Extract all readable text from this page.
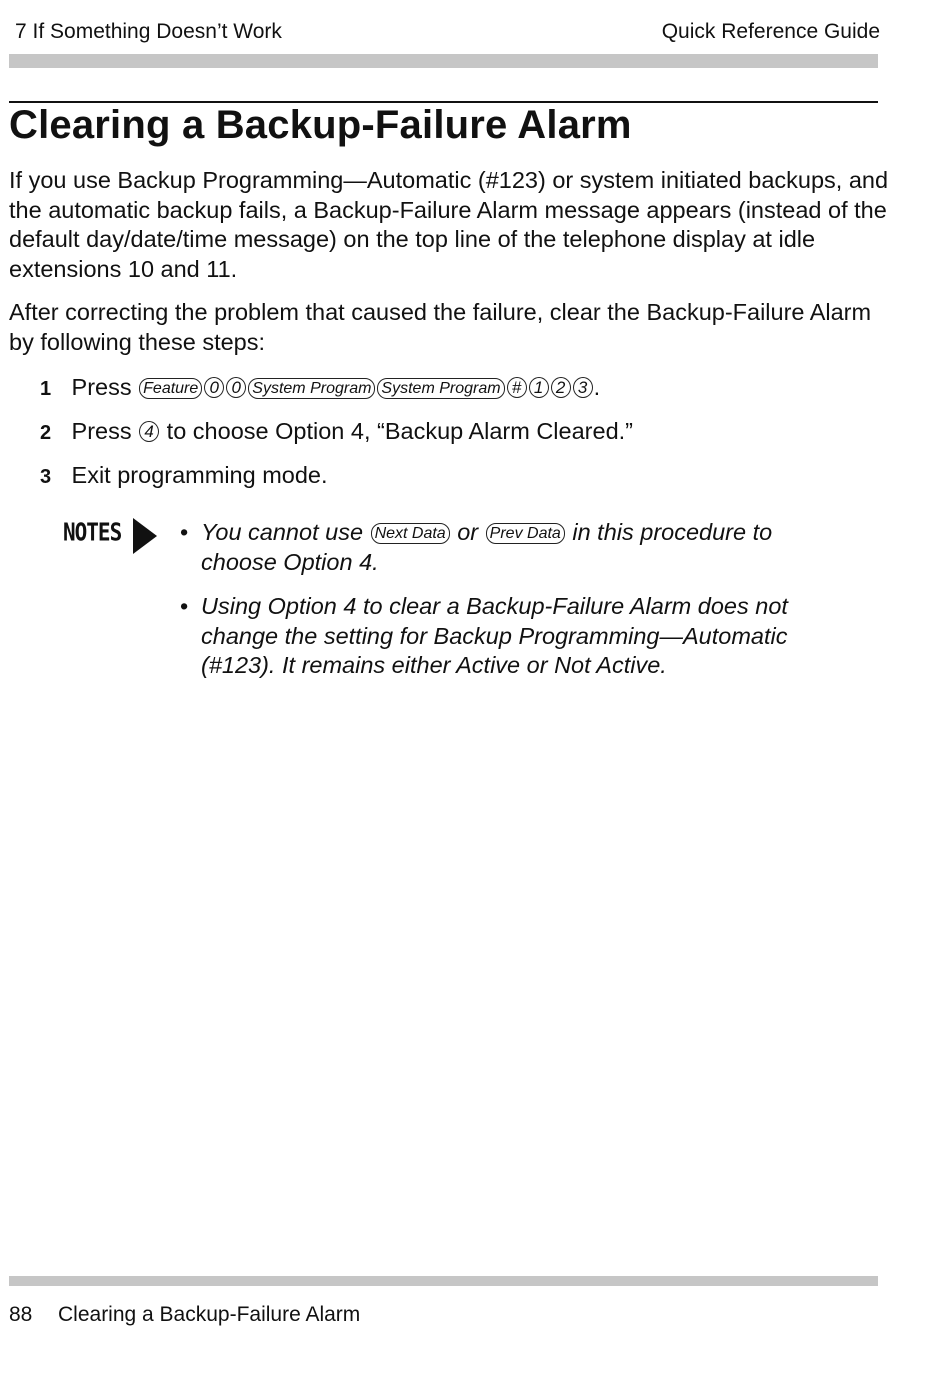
7 If Something Doesn’t Work	Quick Reference Guide
Clearing a Backup-Failure Alarm
If you use Backup Programming—Automatic (#123) or system initiated backups, and the automatic backup fails, a Backup-Failure Alarm message appears (instead of the default day/date/time message) on the top line of the telephone display at idle extensions 10 and 11.
After correcting the problem that caused the failure, clear the Backup-Failure Alarm by following these steps:
1 Press Feature 0 0 System Program System Program # 1 2 3 .
2 Press 4 to choose Option 4, “Backup Alarm Cleared.”
3 Exit programming mode.
NOTES	• You cannot use Next Data or Prev Data in this procedure to choose Option 4.
• Using Option 4 to clear a Backup-Failure Alarm does not change the setting for Backup Programming—Automatic (#123). It remains either Active or Not Active.
88 Clearing a Backup-Failure Alarm
